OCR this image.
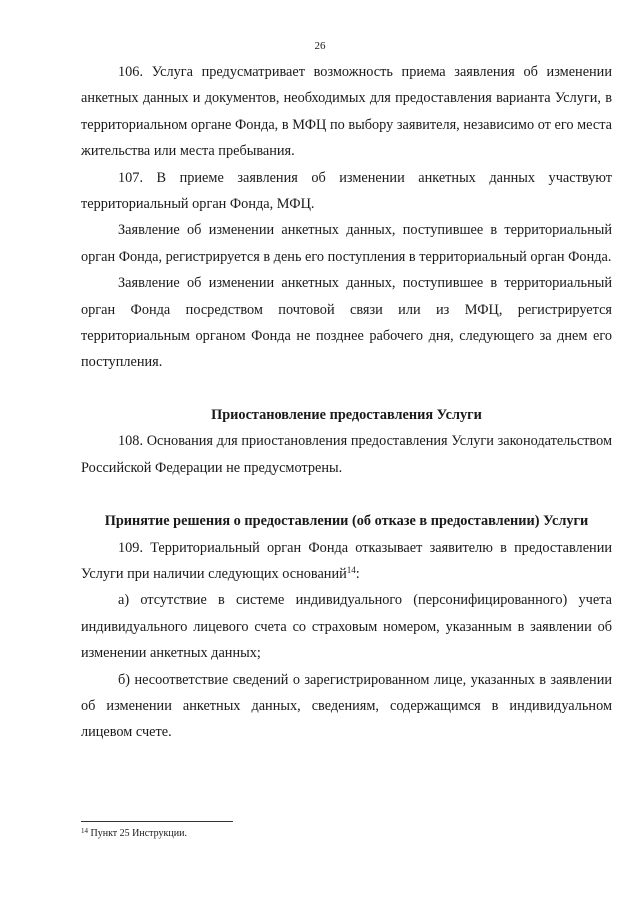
26

106. Услуга предусматривает возможность приема заявления об изменении анкетных данных и документов, необходимых для предоставления варианта Услуги, в территориальном органе Фонда, в МФЦ по выбору заявителя, независимо от его места жительства или места пребывания.

107. В приеме заявления об изменении анкетных данных участвуют территориальный орган Фонда, МФЦ.

Заявление об изменении анкетных данных, поступившее в территориальный орган Фонда, регистрируется в день его поступления в территориальный орган Фонда.

Заявление об изменении анкетных данных, поступившее в территориальный орган Фонда посредством почтовой связи или из МФЦ, регистрируется территориальным органом Фонда не позднее рабочего дня, следующего за днем его поступления.

Приостановление предоставления Услуги

108. Основания для приостановления предоставления Услуги законодательством Российской Федерации не предусмотрены.

Принятие решения о предоставлении (об отказе в предоставлении) Услуги

109. Территориальный орган Фонда отказывает заявителю в предоставлении Услуги при наличии следующих оснований$^{14}$:

а) отсутствие в системе индивидуального (персонифицированного) учета индивидуального лицевого счета со страховым номером, указанным в заявлении об изменении анкетных данных;

б) несоответствие сведений о зарегистрированном лице, указанных в заявлении об изменении анкетных данных, сведениям, содержащимся в индивидуальном лицевом счете.

$^{14}$ Пункт 25 Инструкции.
